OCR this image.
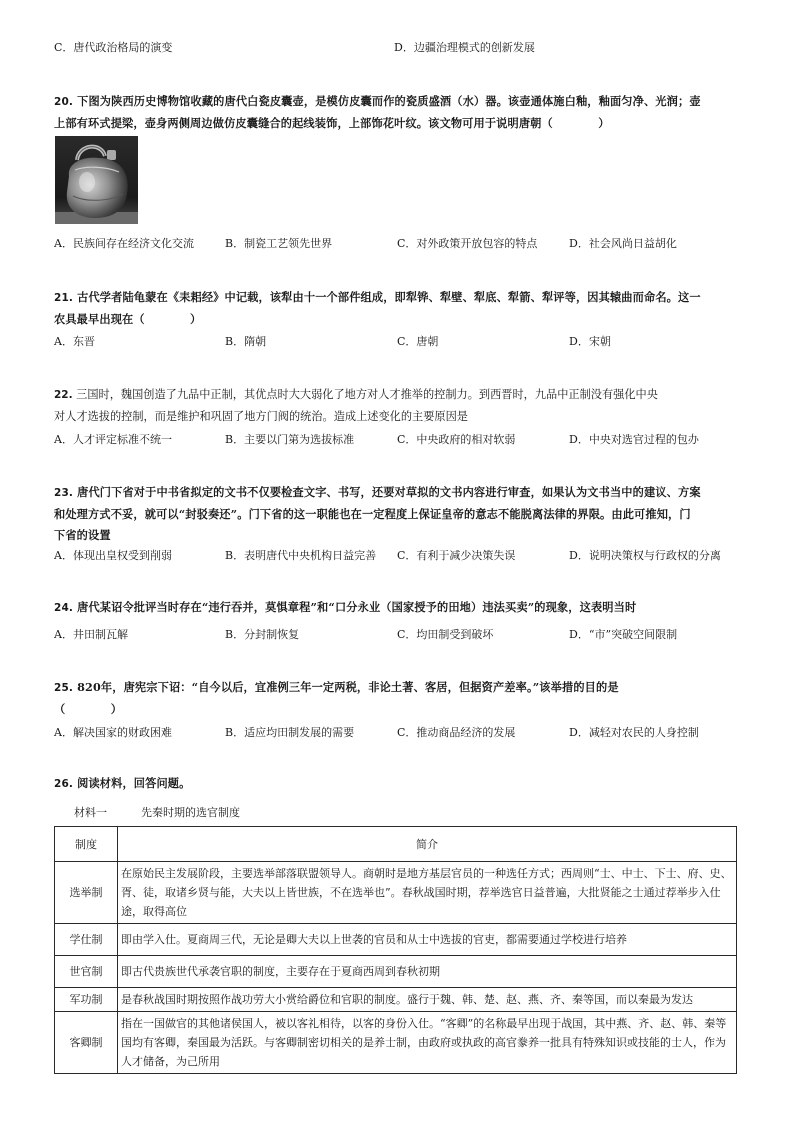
C．唐代政治格局的演变	D．边疆治理模式的创新发展
20. 下图为陕西历史博物馆收藏的唐代白瓷皮囊壶，是模仿皮囊而作的瓷质盛酒（水）器。该壶通体施白釉，釉面匀净、光润；壶
上部有环式提梁，壶身两侧周边做仿皮囊缝合的起线装饰，上部饰花叶纹。该文物可用于说明唐朝（　　　　）
A．民族间存在经济文化交流	B．制瓷工艺领先世界	C．对外政策开放包容的特点	D．社会风尚日益胡化
21. 古代学者陆龟蒙在《耒耜经》中记载，该犁由十一个部件组成，即犁铧、犁壁、犁底、犁箭、犁评等，因其辕曲而命名。这一
农具最早出现在（　　　　）
A．东晋	B．隋朝	C．唐朝	D．宋朝
22. 三国时，魏国创造了九品中正制，其优点时大大弱化了地方对人才推举的控制力。到西晋时，九品中正制没有强化中央
对人才选拔的控制，而是维护和巩固了地方门阀的统治。造成上述变化的主要原因是
A．人才评定标准不统一	B．主要以门第为选拔标准	C．中央政府的相对软弱	D．中央对选官过程的包办
23. 唐代门下省对于中书省拟定的文书不仅要检查文字、书写，还要对草拟的文书内容进行审查，如果认为文书当中的建议、方案
和处理方式不妥，就可以“封驳奏还”。门下省的这一职能也在一定程度上保证皇帝的意志不能脱离法律的界限。由此可推知，门
下省的设置
A．体现出皇权受到削弱	B．表明唐代中央机构日益完善 C．有利于减少决策失误	D．说明决策权与行政权的分离
24. 唐代某诏令批评当时存在“违行吞并，莫惧章程”和“口分永业（国家授予的田地）违法买卖”的现象，这表明当时
A．井田制瓦解	B．分封制恢复	C．均田制受到破坏	D．“市”突破空间限制
25. 820年，唐宪宗下诏：“自今以后，宜准例三年一定两税，非论土著、客居，但据资产差率。”该举措的目的是
（　　　　）
A．解决国家的财政困难	B．适应均田制发展的需要	C．推动商品经济的发展	D．减轻对农民的人身控制
26. 阅读材料，回答问题。
材料一	先秦时期的选官制度
制度	简介
选举制	在原始民主发展阶段，主要选举部落联盟领导人。商朝时是地方基层官员的一种选任方式；西周则“士、中士、下士、府、史、胥、徒，取诸乡贤与能，大夫以上皆世族，不在选举也”。春秋战国时期，荐举选官日益普遍，大批贤能之士通过荐举步入仕途，取得高位
学仕制	即由学入仕。夏商周三代，无论是卿大夫以上世袭的官员和从士中选拔的官吏，都需要通过学校进行培养
世官制	即古代贵族世代承袭官职的制度，主要存在于夏商西周到春秋初期
军功制	是春秋战国时期按照作战功劳大小赏给爵位和官职的制度。盛行于魏、韩、楚、赵、燕、齐、秦等国，而以秦最为发达
客卿制	指在一国做官的其他诸侯国人，被以客礼相待，以客的身份入仕。“客卿”的名称最早出现于战国，其中燕、齐、赵、韩、秦等国均有客卿，秦国最为活跃。与客卿制密切相关的是养士制，由政府或执政的高官豢养一批具有特殊知识或技能的士人，作为人才储备，为己所用
